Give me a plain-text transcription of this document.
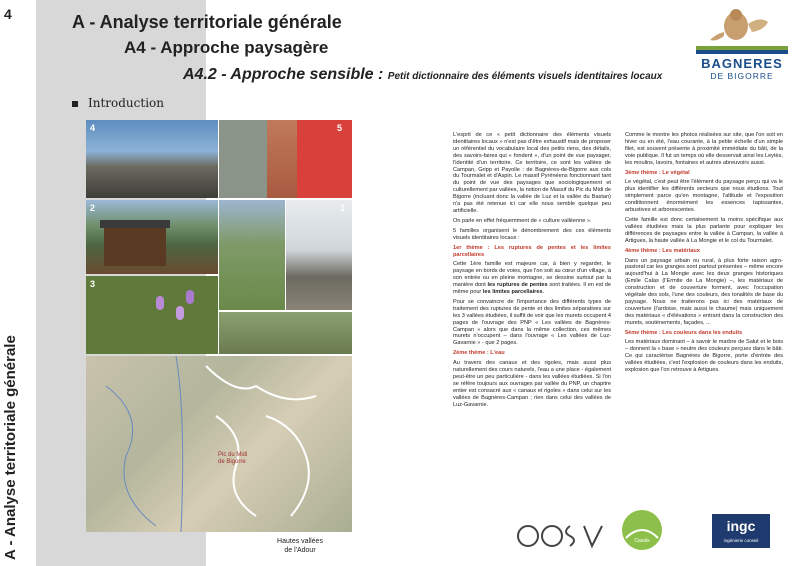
4
A - Analyse territoriale générale
A - Analyse territoriale générale
A4 - Approche paysagère
A4.2 - Approche sensible : Petit dictionnaire des éléments visuels identitaires locaux
BAGNERES
DE BIGORRE
Introduction
4	5
2	1
3
Pic du Midi
de Bigorre
Hautes vallées
de l'Adour

L'esprit de ce « petit dictionnaire des éléments visuels identitaires locaux » n'est pas d'être exhaustif mais de proposer un référentiel du vocabulaire local des petits riens, des détails, des savoirs-faires qui « fondent », d'un point de vue paysager, l'identité d'un territoire. Ce territoire, ce sont les vallées de Campan, Gripp et Payolle : de Bagnères-de-Bigorre aux cols du Tourmalet et d'Aspin. Le massif Pyrénéens fonctionnant tant du point de vue des paysages que sociologiquement et culturellement par vallées, la notion de Massif du Pic du Midi de Bigorre (incluant donc la vallée de Luz et la vallée du Bastan) n'a pas été retenue ici car elle nous semble quelque peu artificielle.

On parle en effet fréquemment de « culture valléenne ».

5 familles organisent le dénombrement des ces éléments visuels identitaires locaux :

1er thème : Les ruptures de pentes et les limites parcellaires

Cette 1ère famille est majeure car, à bien y regarder, le paysage en bords de voies, que l'on soit au cœur d'un village, à son entrée ou en pleine montagne, se dessine surtout par la manière dont les ruptures de pentes sont traitées. Il en est de même pour les limites parcellaires.

Pour se convaincre de l'importance des différents types de traitement des ruptures de pente et des limites séparatives sur les 3 vallées étudiées, il suffit de voir que les murets occupent 4 pages de l'ouvrage des PNP « Les vallées de Bagnères-Campan » alors que dans la même collection, ces mêmes murets n'occupent – dans l'ouvrage « Les vallées de Luz-Gavarnie » - que 2 pages.

2ème thème : L'eau

Au travers des canaux et des rigoles, mais aussi plus naturellement des cours naturels, l'eau a une place - également peut-être un peu particulière - dans les vallées étudiées. Si l'on se réfère toujours aux ouvrages par vallée du PNP, un chapitre entier est consacré aux « canaux et rigoles » dans celui sur les vallées de Bagnères-Campan ; rien dans celui des vallées de Luz-Gavarnie.

Comme le montre les photos réalisées sur site, que l'on soit en hiver ou en été, l'eau courante, à la petite échelle d'un simple filet, est souvent présente à proximité immédiate du bâti, de la voie publique. Il fut un temps où elle desservait ainsi les Leytès, les moulins, lavoirs, fontaines et autres abreuvoirs aussi.

3ème thème : Le végétal

Le végétal, c'est peut être l'élément du paysage perçu qui va le plus identifier les différents secteurs que nous étudions. Tout simplement parce qu'en montagne, l'altitude et l'exposition conditionnent énormément les essences tapissantes, arbustives et arborescentes.

Cette famille est donc certainement la moins spécifique aux vallées étudiées mais la plus parlante pour expliquer les différences de paysages entre la vallée à Campan, la vallée à Artigues, la haute vallée à La Mongie et le col du Tourmalet.

4ème thème : Les matériaux

Dans un paysage urbain ou rural, à plus forte raison agro-pastoral car les granges sont partout présentes – même encore aujourd'hui à La Mongie avec les deux granges historiques (Emile Calas (l'Ermite de La Mongie) –, les matériaux de construction et de couverture forment, avec l'occupation végétale des sols, l'une des couleurs, des tonalités de base du paysage. Nous ne traiterons pas ici des matériaux de couverture (l'ardoise, mais aussi le chaume) mais uniquement des matériaux « d'élévations » entrant dans la construction des murets, soutènements, façades, ...

5ème thème : Les couleurs dans les enduits

Les matériaux dominant – à savoir le marbre de Salut et le bois – donnent la « base » neutre des couleurs perçues dans le bâti. Ce qui caractérise Bagnères de Bigorre, porte d'entrée des vallées étudiées, c'est l'explosion de couleurs dans les enduits, explosion que l'on retrouve à Artigues.

Casals
ingc
ingénierie conseil
